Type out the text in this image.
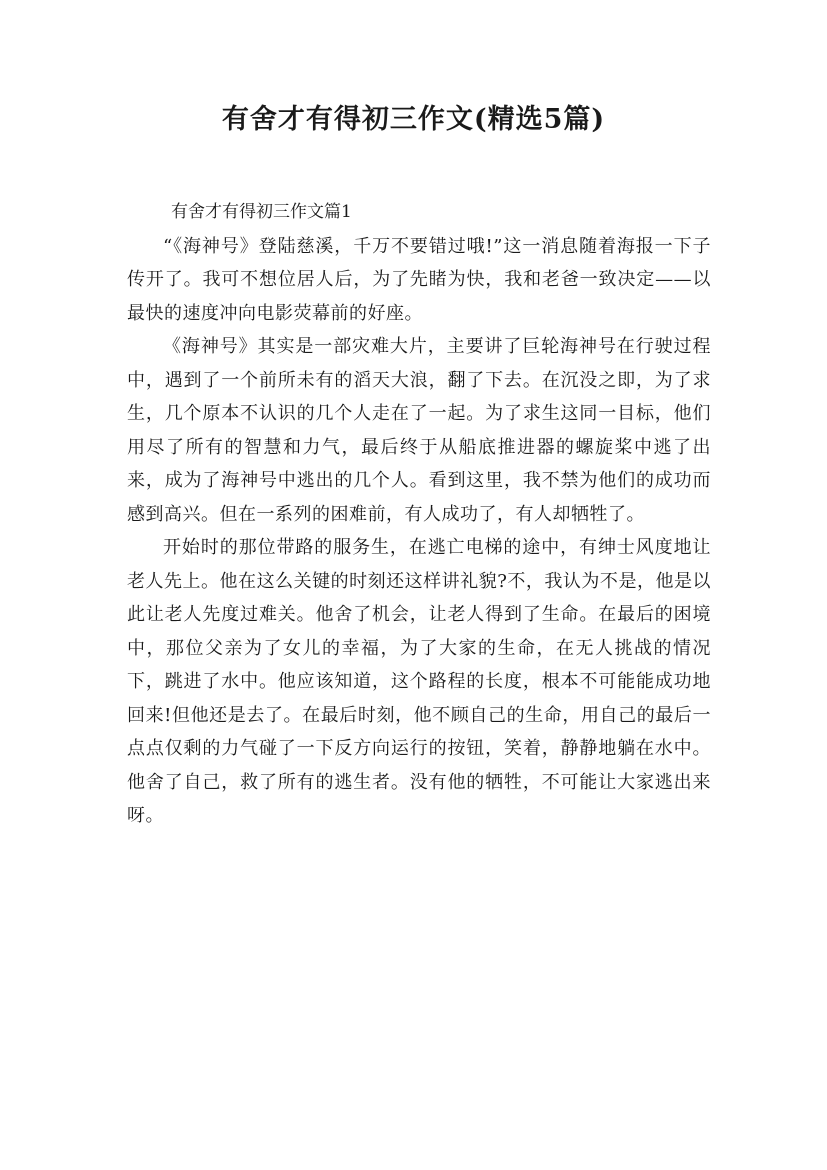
有舍才有得初三作文(精选5篇)

有舍才有得初三作文篇1

“《海神号》登陆慈溪，千万不要错过哦!”这一消息随着海报一下子传开了。我可不想位居人后，为了先睹为快，我和老爸一致决定——以最快的速度冲向电影荧幕前的好座。

《海神号》其实是一部灾难大片，主要讲了巨轮海神号在行驶过程中，遇到了一个前所未有的滔天大浪，翻了下去。在沉没之即，为了求生，几个原本不认识的几个人走在了一起。为了求生这同一目标，他们用尽了所有的智慧和力气，最后终于从船底推进器的螺旋桨中逃了出来，成为了海神号中逃出的几个人。看到这里，我不禁为他们的成功而感到高兴。但在一系列的困难前，有人成功了，有人却牺牲了。

开始时的那位带路的服务生，在逃亡电梯的途中，有绅士风度地让老人先上。他在这么关键的时刻还这样讲礼貌?不，我认为不是，他是以此让老人先度过难关。他舍了机会，让老人得到了生命。在最后的困境中，那位父亲为了女儿的幸福，为了大家的生命，在无人挑战的情况下，跳进了水中。他应该知道，这个路程的长度，根本不可能能成功地回来!但他还是去了。在最后时刻，他不顾自己的生命，用自己的最后一点点仅剩的力气碰了一下反方向运行的按钮，笑着，静静地躺在水中。他舍了自己，救了所有的逃生者。没有他的牺牲，不可能让大家逃出来呀。
